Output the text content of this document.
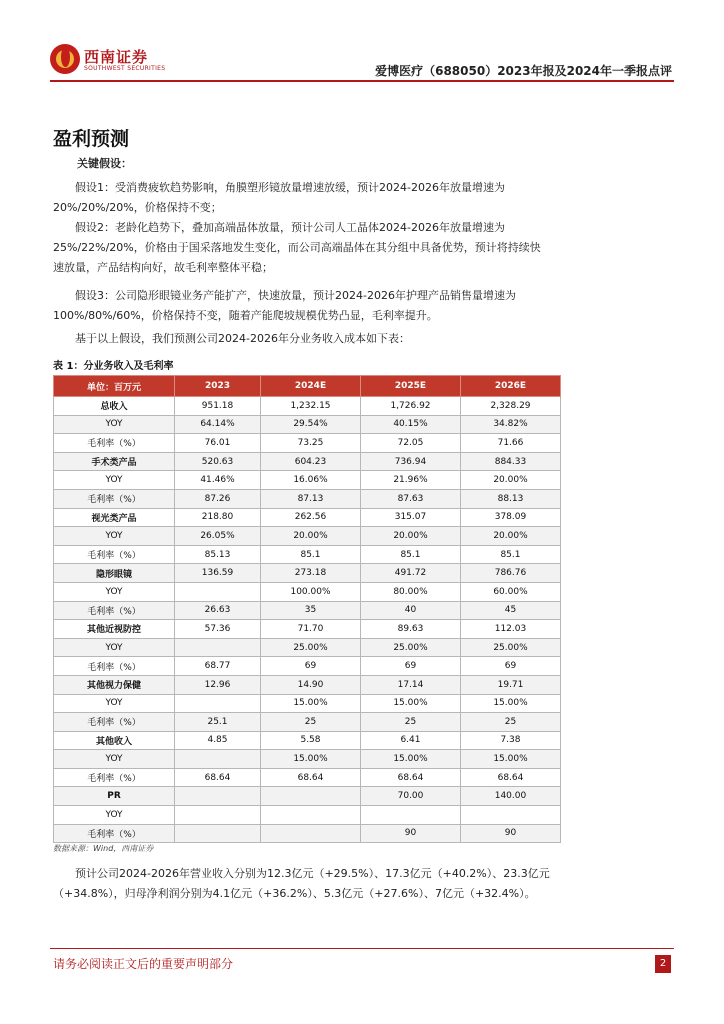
西南证券
SOUTHWEST SECURITIES	爱博医疗（688050）2023年报及2024年一季报点评
盈利预测
关键假设：
假设1：受消费疲软趋势影响，角膜塑形镜放量增速放缓，预计2024-2026年放量增速为20%/20%/20%，价格保持不变；
假设2：老龄化趋势下，叠加高端晶体放量，预计公司人工晶体2024-2026年放量增速为25%/22%/20%，价格由于国采落地发生变化，而公司高端晶体在其分组中具备优势，预计将持续快速放量，产品结构向好，故毛利率整体平稳；
假设3：公司隐形眼镜业务产能扩产，快速放量，预计2024-2026年护理产品销售量增速为100%/80%/60%，价格保持不变，随着产能爬坡规模优势凸显，毛利率提升。
基于以上假设，我们预测公司2024-2026年分业务收入成本如下表：
表 1：分业务收入及毛利率
单位：百万元	2023	2024E	2025E	2026E
总收入	951.18	1,232.15	1,726.92	2,328.29
YOY	64.14%	29.54%	40.15%	34.82%
毛利率（%）	76.01	73.25	72.05	71.66
手术类产品	520.63	604.23	736.94	884.33
YOY	41.46%	16.06%	21.96%	20.00%
毛利率（%）	87.26	87.13	87.63	88.13
视光类产品	218.80	262.56	315.07	378.09
YOY	26.05%	20.00%	20.00%	20.00%
毛利率（%）	85.13	85.1	85.1	85.1
隐形眼镜	136.59	273.18	491.72	786.76
YOY		100.00%	80.00%	60.00%
毛利率（%）	26.63	35	40	45
其他近视防控	57.36	71.70	89.63	112.03
YOY		25.00%	25.00%	25.00%
毛利率（%）	68.77	69	69	69
其他视力保健	12.96	14.90	17.14	19.71
YOY		15.00%	15.00%	15.00%
毛利率（%）	25.1	25	25	25
其他收入	4.85	5.58	6.41	7.38
YOY		15.00%	15.00%	15.00%
毛利率（%）	68.64	68.64	68.64	68.64
PR			70.00	140.00
YOY				
毛利率（%）			90	90
数据来源：Wind，西南证券
预计公司2024-2026年营业收入分别为12.3亿元（+29.5%）、17.3亿元（+40.2%）、23.3亿元（+34.8%），归母净利润分别为4.1亿元（+36.2%）、5.3亿元（+27.6%）、7亿元（+32.4%）。
请务必阅读正文后的重要声明部分	2
